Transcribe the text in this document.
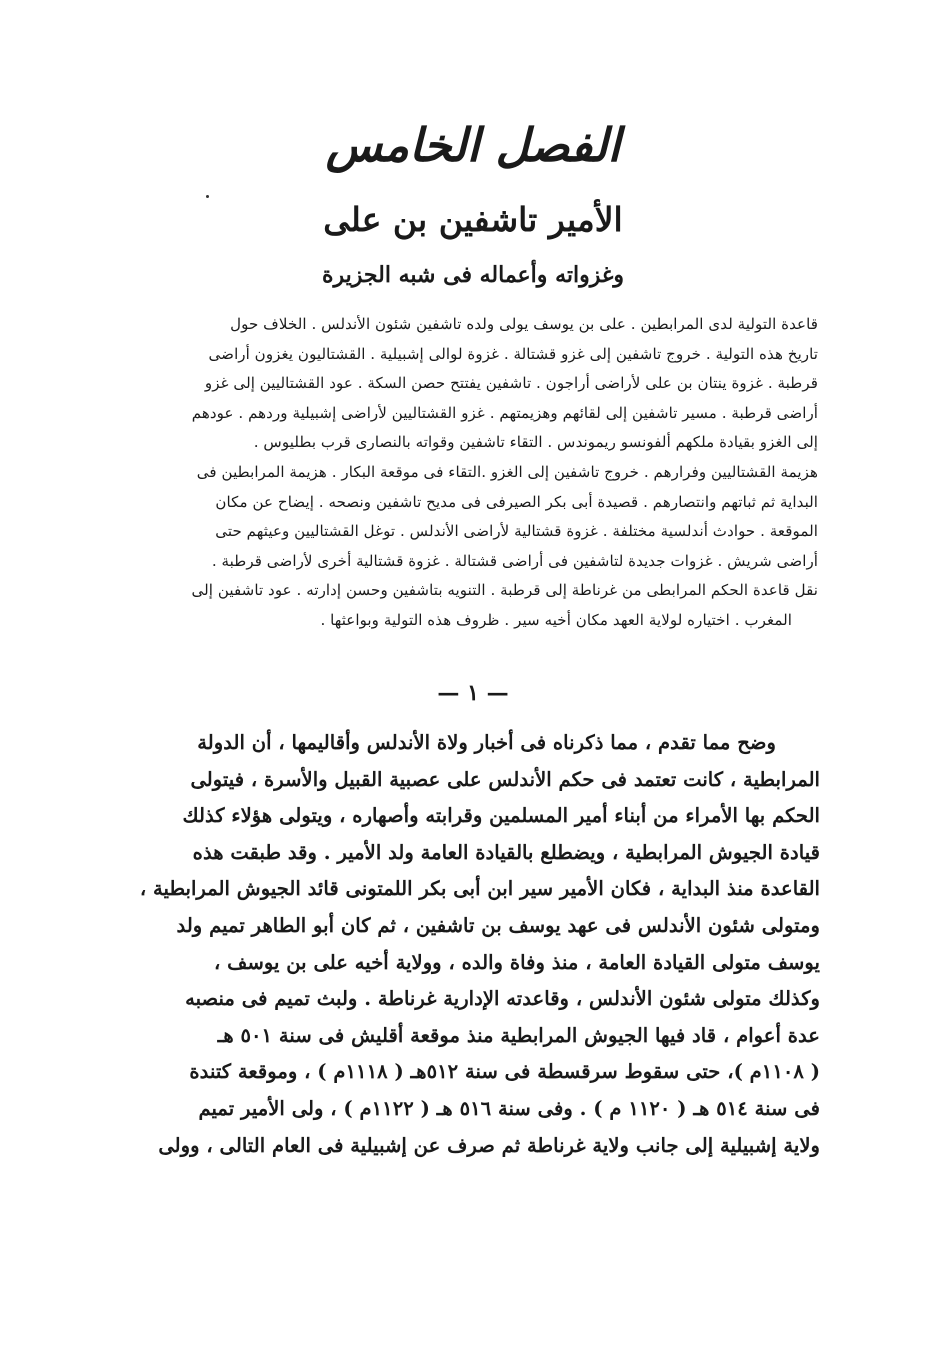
الفصل الخامس
الأمير تاشفين بن على
وغزواته وأعماله فى شبه الجزيرة
قاعدة التولية لدى المرابطين . على بن يوسف يولى ولده تاشفين شئون الأندلس . الخلاف حول
تاريخ هذه التولية . خروج تاشفين إلى غزو قشتالة . غزوة لوالى إشبيلية . القشتاليون يغزون أراضى
قرطبة . غزوة ينتان بن على لأراضى أراجون . تاشفين يفتتح حصن السكة . عود القشتاليين إلى غزو
أراضى قرطبة . مسير تاشفين إلى لقائهم وهزيمتهم . غزو القشتاليين لأراضى إشبيلية وردهم . عودهم
إلى الغزو بقيادة ملكهم ألفونسو ريموندس . التقاء تاشفين وقواته بالنصارى قرب بطليوس .
هزيمة القشتاليين وفرارهم . خروج تاشفين إلى الغزو .التقاء فى موقعة البكار . هزيمة المرابطين فى
البداية ثم ثباتهم وانتصارهم . قصيدة أبى بكر الصيرفى فى مديح تاشفين ونصحه . إيضاح عن مكان
الموقعة . حوادث أندلسية مختلفة . غزوة قشتالية لأراضى الأندلس . توغل القشتاليين وعيثهم حتى
أراضى شريش . غزوات جديدة لتاشفين فى أراضى قشتالة . غزوة قشتالية أخرى لأراضى قرطبة .
نقل قاعدة الحكم المرابطى من غرناطة إلى قرطبة . التنويه بتاشفين وحسن إدارته . عود تاشفين إلى
المغرب . اختياره لولاية العهد مكان أخيه سير . ظروف هذه التولية وبواعثها .
— ١ —
وضح مما تقدم ، مما ذكرناه فى أخبار ولاة الأندلس وأقاليمها ، أن الدولة
المرابطية ، كانت تعتمد فى حكم الأندلس على عصبية القبيل والأسرة ، فيتولى
الحكم بها الأمراء من أبناء أمير المسلمين وقرابته وأصهاره ، ويتولى هؤلاء كذلك
قيادة الجيوش المرابطية ، ويضطلع بالقيادة العامة ولد الأمير . وقد طبقت هذه
القاعدة منذ البداية ، فكان الأمير سير ابن أبى بكر اللمتونى قائد الجيوش المرابطية ،
ومتولى شئون الأندلس فى عهد يوسف بن تاشفين ، ثم كان أبو الطاهر تميم ولد
يوسف متولى القيادة العامة ، منذ وفاة والده ، وولاية أخيه على بن يوسف ،
وكذلك متولى شئون الأندلس ، وقاعدته الإدارية غرناطة . ولبث تميم فى منصبه
عدة أعوام ، قاد فيها الجيوش المرابطية منذ موقعة أقليش فى سنة ٥٠١ هـ
( ١١٠٨م )، حتى سقوط سرقسطة فى سنة ٥١٢هـ ( ١١١٨م ) ، وموقعة كتندة
فى سنة ٥١٤ هـ ( ١١٢٠ م ) . وفى سنة ٥١٦ هـ ( ١١٢٢م ) ، ولى الأمير تميم
ولاية إشبيلية إلى جانب ولاية غرناطة ثم صرف عن إشبيلية فى العام التالى ، وولى
